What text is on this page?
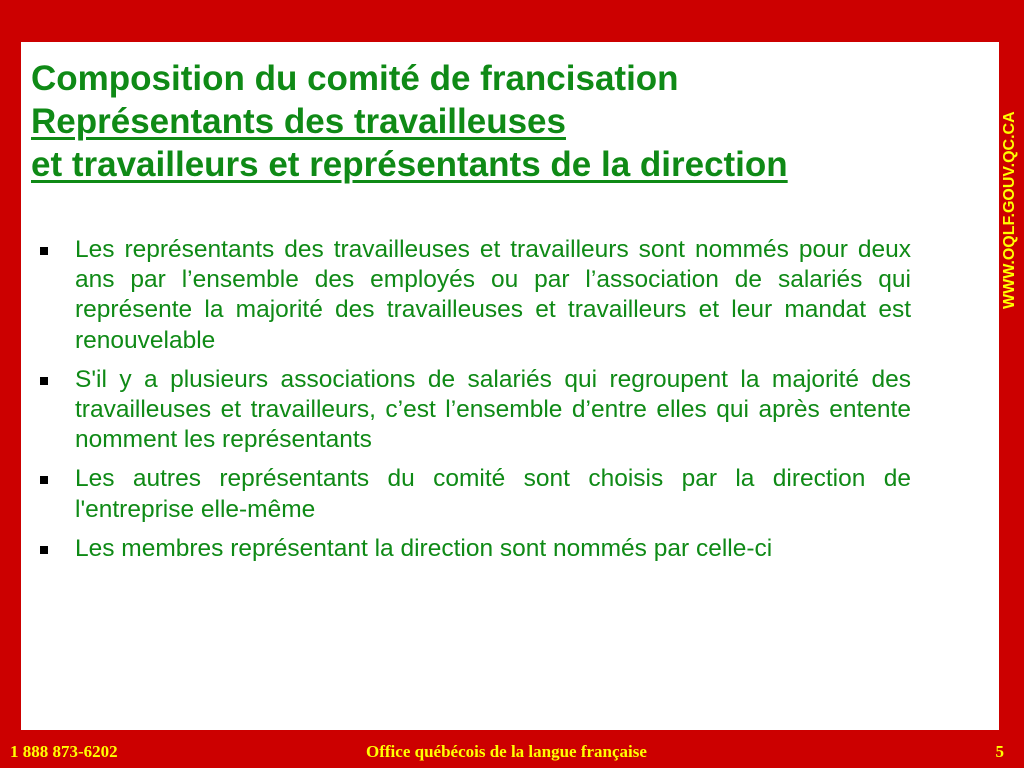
Composition du comité de francisation
Représentants des travailleuses
et travailleurs et représentants de la direction
Les représentants des travailleuses et travailleurs sont nommés pour deux ans par l’ensemble des employés ou par l’association de salariés qui représente la majorité des travailleuses et travailleurs et leur mandat est renouvelable
S'il y a plusieurs associations de salariés qui regroupent la majorité des travailleuses et travailleurs, c’est l’ensemble d’entre elles qui après entente nomment les représentants
Les autres représentants du comité sont choisis par la direction de l'entreprise elle-même
Les membres représentant la direction sont nommés par celle-ci
WWW.OQLF.GOUV.QC.CA
1 888 873-6202	Office québécois de la langue française	5
